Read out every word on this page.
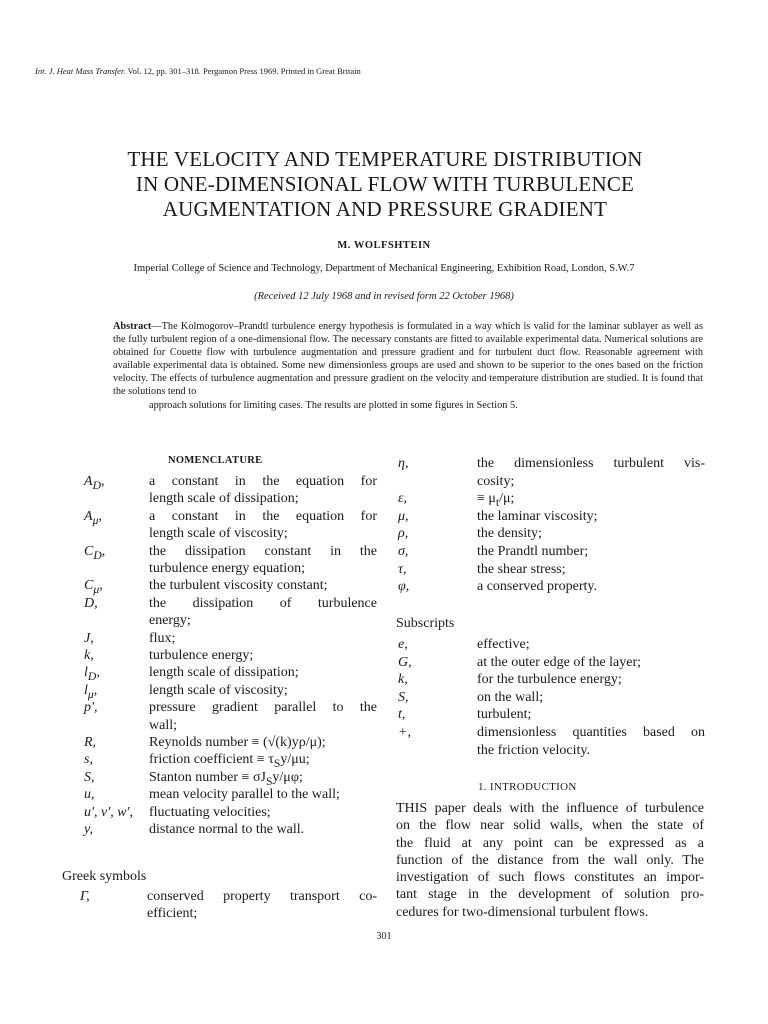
Int. J. Heat Mass Transfer. Vol. 12, pp. 301–318. Pergamon Press 1969. Printed in Great Britain
THE VELOCITY AND TEMPERATURE DISTRIBUTION
IN ONE-DIMENSIONAL FLOW WITH TURBULENCE
AUGMENTATION AND PRESSURE GRADIENT
M. WOLFSHTEIN
Imperial College of Science and Technology, Department of Mechanical Engineering, Exhibition Road, London, S.W.7
(Received 12 July 1968 and in revised form 22 October 1968)
Abstract—The Kolmogorov–Prandtl turbulence energy hypothesis is formulated in a way which is valid for the laminar sublayer as well as the fully turbulent region of a one-dimensional flow. The necessary constants are fitted to available experimental data. Numerical solutions are obtained for Couette flow with turbulence augmentation and pressure gradient and for turbulent duct flow. Reasonable agreement with available experimental data is obtained. Some new dimensionless groups are used and shown to be superior to the ones based on the friction velocity. The effects of turbulence augmentation and pressure gradient on the velocity and temperature distribution are studied. It is found that the solutions tend to
approach solutions for limiting cases. The results are plotted in some figures in Section 5.
NOMENCLATURE
$A_D$,	a constant in the equation for
length scale of dissipation;
$A_\mu$,	a constant in the equation for
length scale of viscosity;
$C_D$,	the dissipation constant in the
turbulence energy equation;
$C_\mu$,	the turbulent viscosity constant;
D,	the dissipation of turbulence
energy;
J,	flux;
k,	turbulence energy;
$l_D$,	length scale of dissipation;
$l_\mu$,	length scale of viscosity;
p',	pressure gradient parallel to the
wall;
R,	Reynolds number ≡ (√(k)yρ/μ);
s,	friction coefficient ≡ $\tau_Sy/\mu u$;
S,	Stanton number ≡ $\sigma J_Sy/\mu\varphi$;
u,	mean velocity parallel to the wall;
u', v', w', fluctuating velocities;
y,	distance normal to the wall.
Greek symbols
Γ,	conserved property transport co-
efficient;
η,	the dimensionless turbulent vis-
cosity;
ε,	≡ $\mu_t/\mu$;
μ,	the laminar viscosity;
ρ,	the density;
σ,	the Prandtl number;
τ,	the shear stress;
φ,	a conserved property.
Subscripts
e,	effective;
G,	at the outer edge of the layer;
k,	for the turbulence energy;
S,	on the wall;
t,	turbulent;
+,	dimensionless quantities based on
the friction velocity.
1. INTRODUCTION
THIS paper deals with the influence of turbulence
on the flow near solid walls, when the state of
the fluid at any point can be expressed as a
function of the distance from the wall only. The
investigation of such flows constitutes an impor-
tant stage in the development of solution pro-
cedures for two-dimensional turbulent flows.
301
